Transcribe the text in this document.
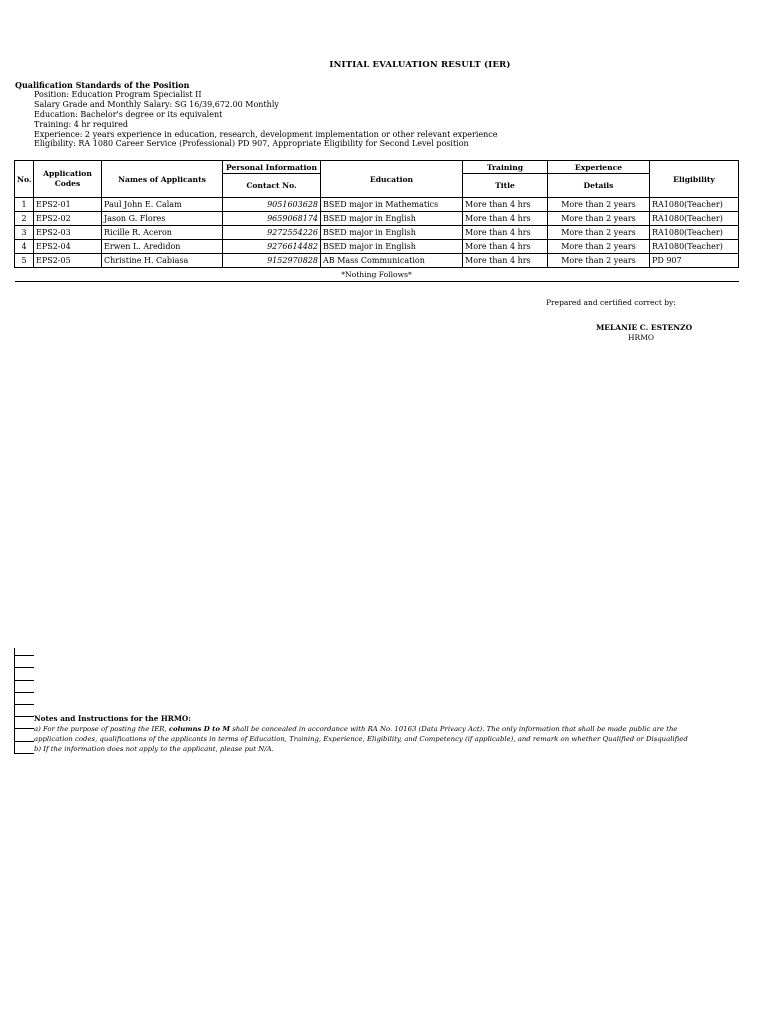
INITIAL EVALUATION RESULT (IER)
Qualification Standards of the Position
Position: Education Program Specialist II
Salary Grade and Monthly Salary: SG 16/39,672.00 Monthly
Education: Bachelor's degree or its equivalent
Training: 4 hr required
Experience: 2 years experience in education, research, development implementation or other relevant experience
Eligibility: RA 1080 Career Service (Professional) PD 907, Appropriate Eligibility for Second Level position
No.	Application Codes	Names of Applicants	Personal Information	Education	Training	Experience	Eligibility
			Contact No.		Title	Details	
1	EPS2-01	Paul John E. Calam	9051603628	BSED major in Mathematics	More than 4 hrs	More than 2 years	RA1080(Teacher)
2	EPS2-02	Jason G. Flores	9659068174	BSED major in English	More than 4 hrs	More than 2 years	RA1080(Teacher)
3	EPS2-03	Ricille R. Aceron	9272554226	BSED major in English	More than 4 hrs	More than 2 years	RA1080(Teacher)
4	EPS2-04	Erwen L. Aredidon	9276614482	BSED major in English	More than 4 hrs	More than 2 years	RA1080(Teacher)
5	EPS2-05	Christine H. Cabiasa	9152970828	AB Mass Communication	More than 4 hrs	More than 2 years	PD 907
*Nothing Follows*							
Prepared and certified correct by:
MELANIE C. ESTENZO
HRMO
Notes and Instructions for the HRMO:
a) For the purpose of posting the IER, columns D to M shall be concealed in accordance with RA No. 10163 (Data Privacy Act). The only information that shall be made public are the
application codes, qualifications of the applicants in terms of Education, Training, Experience, Eligibility, and Competency (if applicable), and remark on whether Qualified or Disqualified
b) If the information does not apply to the applicant, please put N/A.
